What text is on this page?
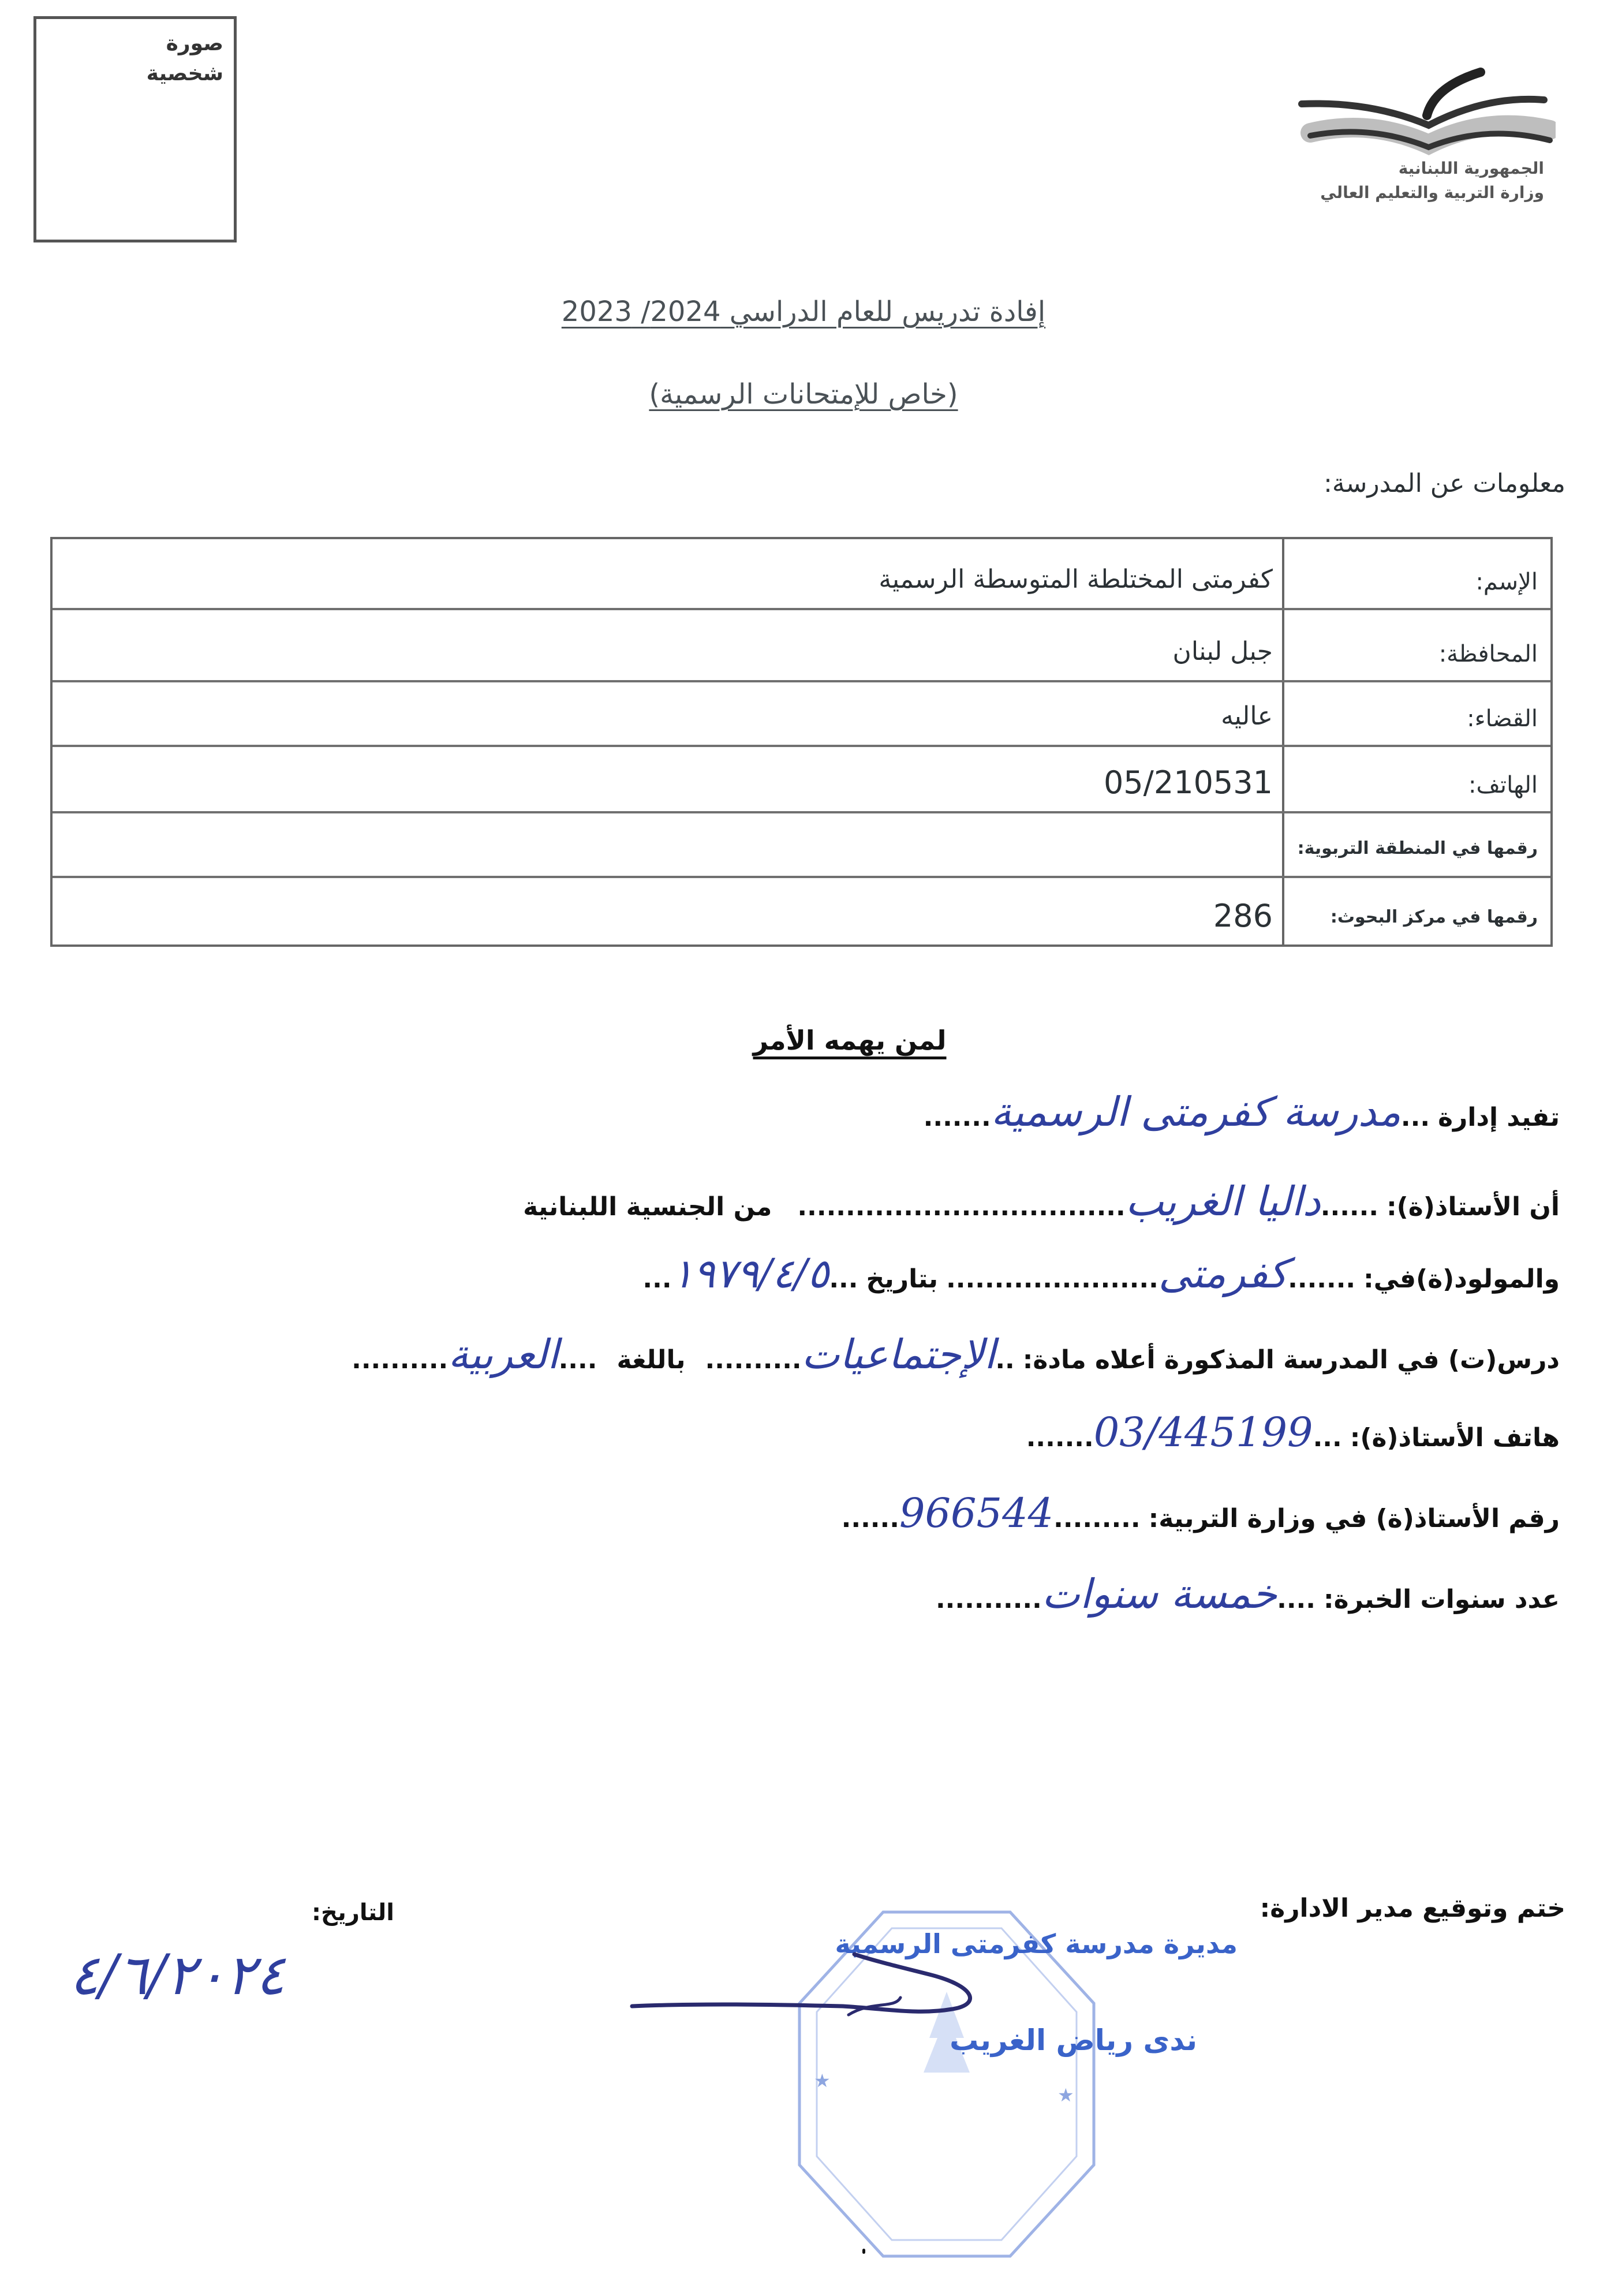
صورة
شخصية
الجمهورية اللبنانية
وزارة التربية والتعليم العالي
إفادة تدريس للعام الدراسي 2024/ 2023
(خاص للإمتحانات الرسمية)
معلومات عن المدرسة:
الإسم:
كفرمتى المختلطة المتوسطة الرسمية
المحافظة:
جبل لبنان
القضاء:
عاليه
الهاتف:
05/210531
رقمها في المنطقة التربوية:
رقمها في مركز البحوث:
286
لمن يهمه الأمر
تفيد إدارة ...مدرسة كفرمتى الرسمية.......
أن الأستاذ(ة): ......داليا الغريب.................................. من الجنسية اللبنانية
والمولود(ة)في: .......كفرمتى...................... بتاريخ ...١٩٧٩/٤/٥...
درس(ت) في المدرسة المذكورة أعلاه مادة: ..الإجتماعيات.......... باللغة ....العربية..........
هاتف الأستاذ(ة): ...03/445199.......
رقم الأستاذ(ة) في وزارة التربية: .........966544......
عدد سنوات الخبرة: ....خمسة سنوات...........
ختم وتوقيع مدير الادارة:
★
★
مديرة مدرسة كفرمتى الرسمية
ندى رياض الغريب
التاريخ:
٤/٦/٢٠٢٤
